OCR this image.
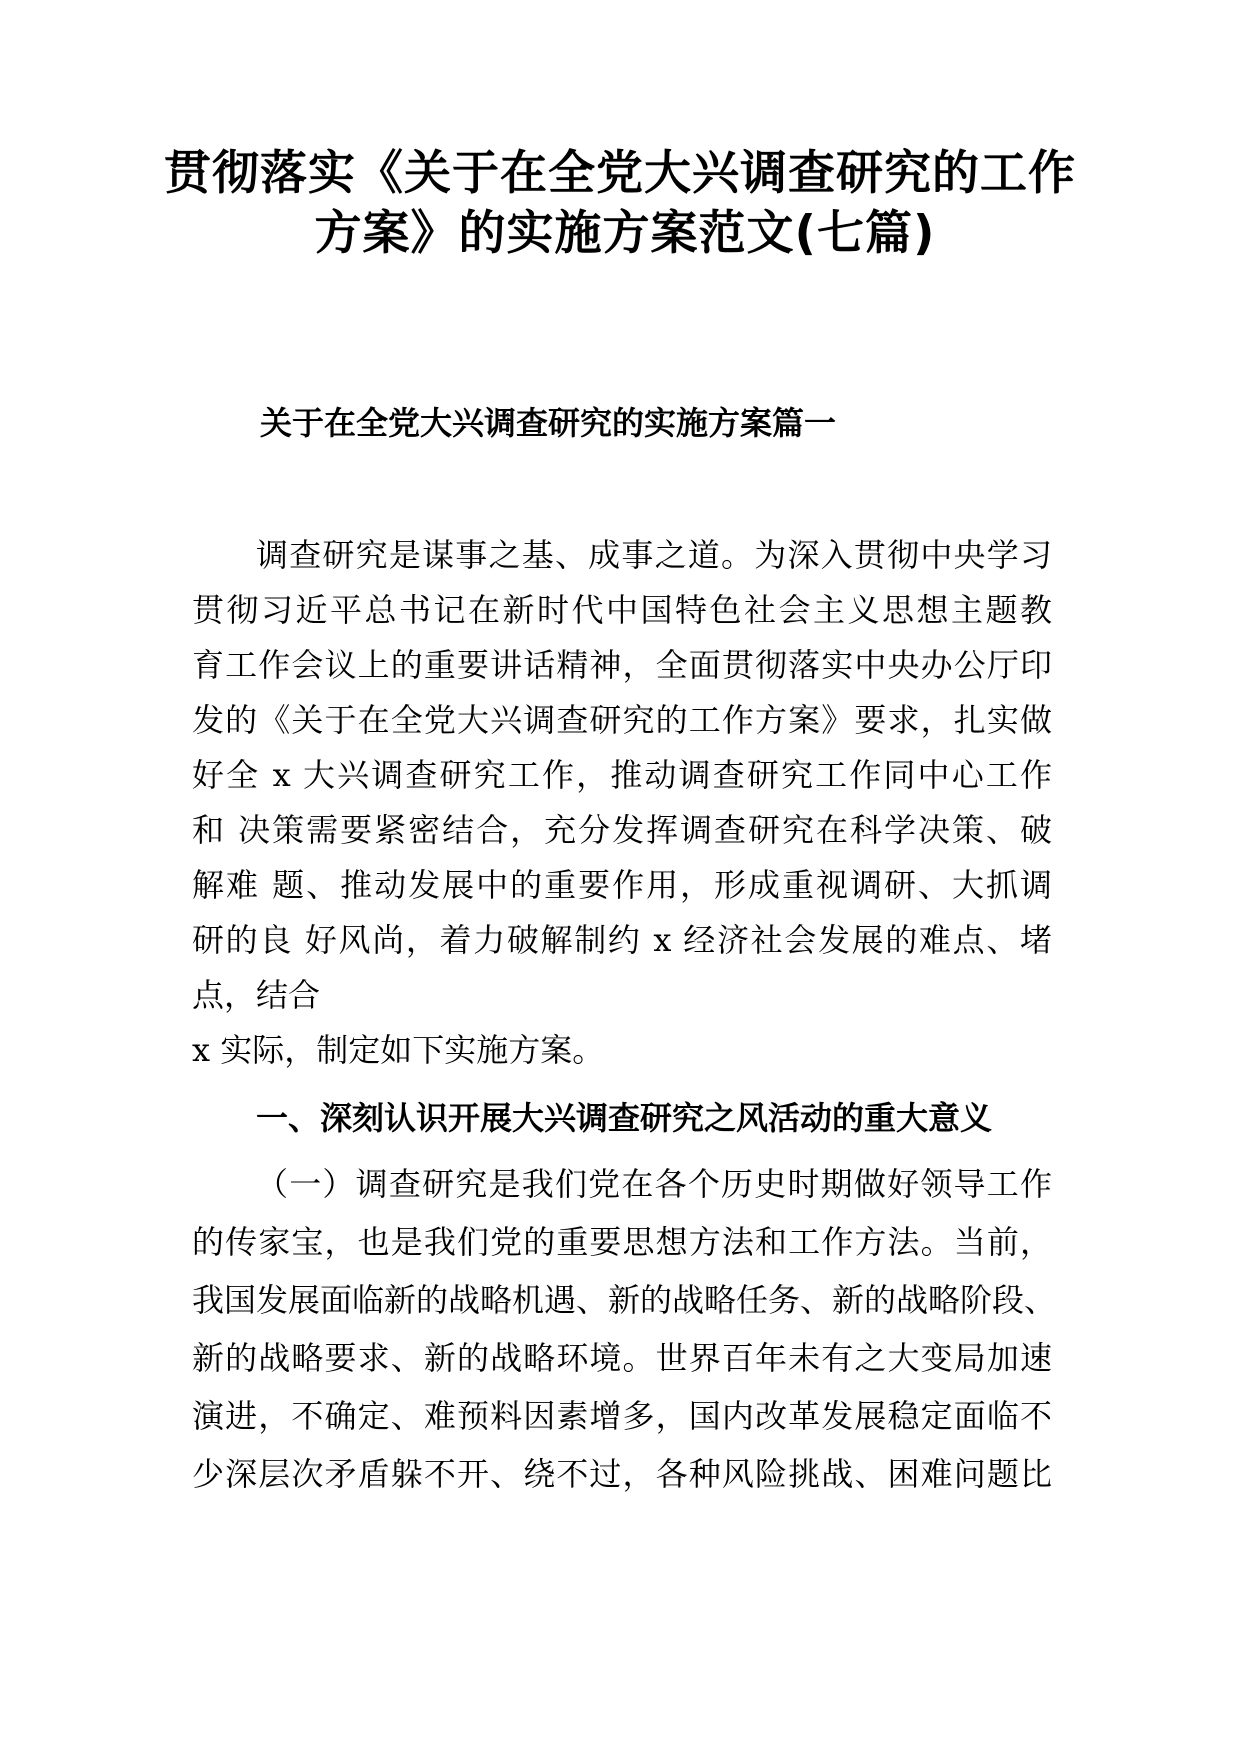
贯彻落实《关于在全党大兴调查研究的工作
方案》的实施方案范文(七篇)
关于在全党大兴调查研究的实施方案篇一
调查研究是谋事之基、成事之道。为深入贯彻中央学习
贯彻习近平总书记在新时代中国特色社会主义思想主题教
育工作会议上的重要讲话精神，全面贯彻落实中央办公厅印
发的《关于在全党大兴调查研究的工作方案》要求，扎实做
好全 x 大兴调查研究工作，推动调查研究工作同中心工作
和 决策需要紧密结合，充分发挥调查研究在科学决策、破
解难 题、推动发展中的重要作用，形成重视调研、大抓调
研的良 好风尚，着力破解制约 x 经济社会发展的难点、堵
点，结合
x 实际，制定如下实施方案。
一、深刻认识开展大兴调查研究之风活动的重大意义
（一）调查研究是我们党在各个历史时期做好领导工作
的传家宝，也是我们党的重要思想方法和工作方法。当前，
我国发展面临新的战略机遇、新的战略任务、新的战略阶段、
新的战略要求、新的战略环境。世界百年未有之大变局加速
演进，不确定、难预料因素增多，国内改革发展稳定面临不
少深层次矛盾躲不开、绕不过，各种风险挑战、困难问题比
